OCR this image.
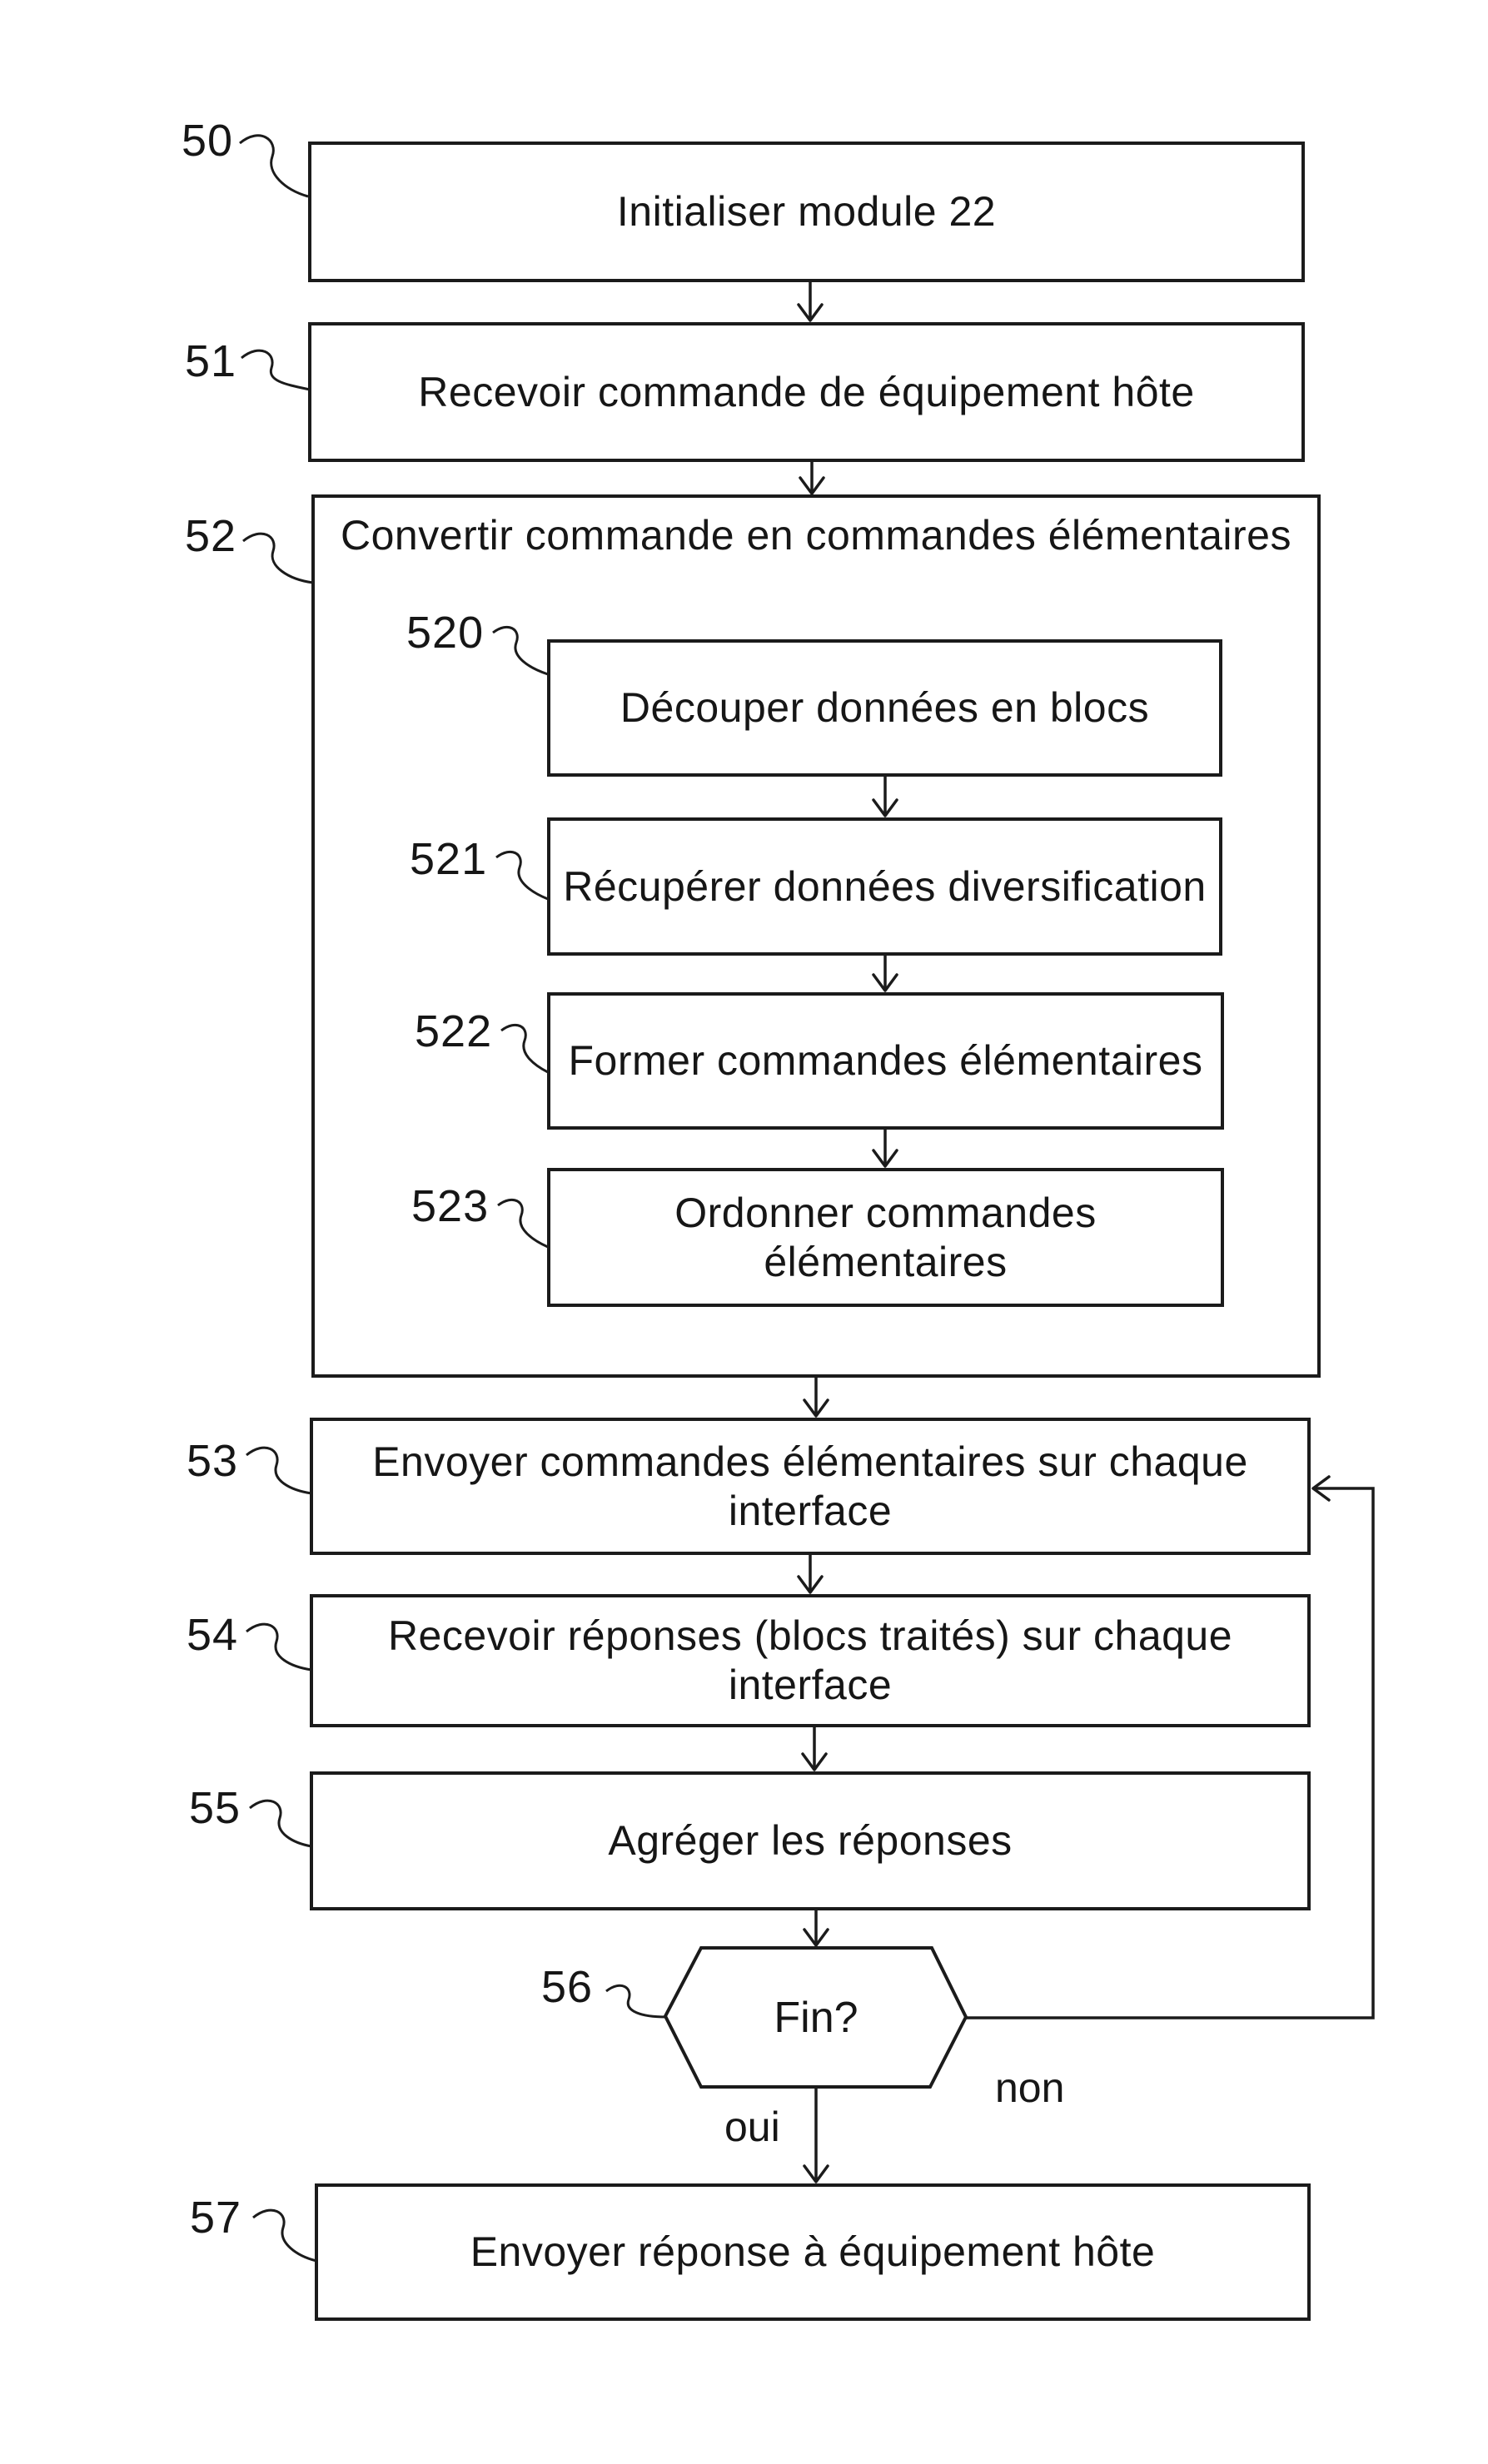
Initialiser module 22
Recevoir commande de équipement hôte
Convertir commande en commandes élémentaires
Découper données en blocs
Récupérer données diversification
Former commandes élémentaires
Ordonner commandes élémentaires
Envoyer commandes élémentaires sur chaque interface
Recevoir réponses (blocs traités) sur chaque interface
Agréger les réponses
Fin?
Envoyer réponse à équipement hôte
50
51
52
520
521
522
523
53
54
55
56
57
oui
non
